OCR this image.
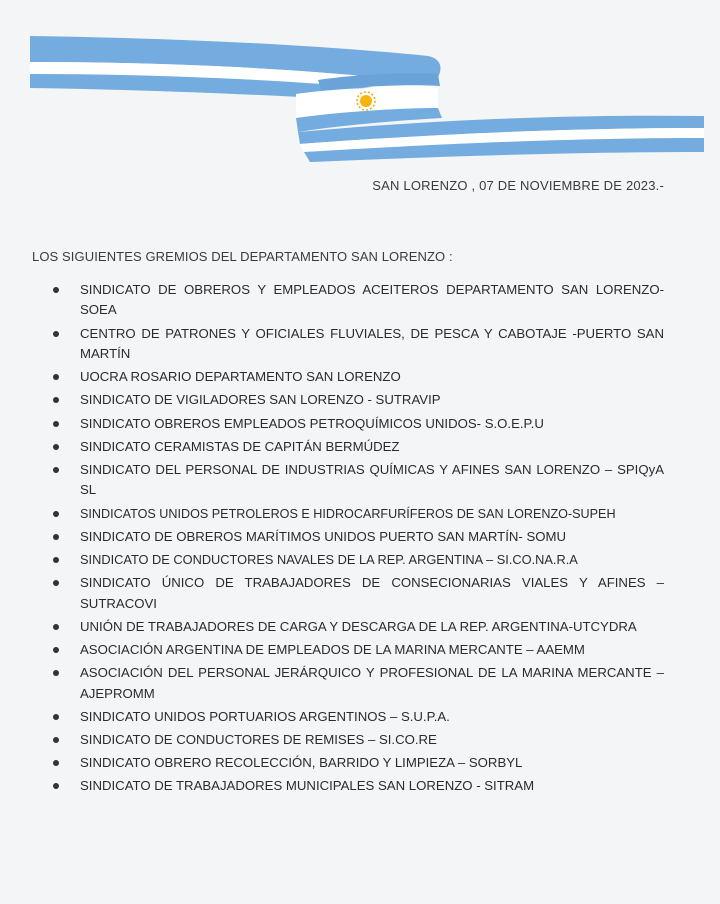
SAN LORENZO , 07 DE NOVIEMBRE DE 2023.-
LOS SIGUIENTES GREMIOS DEL DEPARTAMENTO SAN LORENZO :
SINDICATO DE OBREROS Y EMPLEADOS ACEITEROS DEPARTAMENTO SAN LORENZO-SOEA
CENTRO DE PATRONES Y OFICIALES FLUVIALES, DE PESCA Y CABOTAJE -PUERTO SAN MARTÍN
UOCRA ROSARIO DEPARTAMENTO SAN LORENZO
SINDICATO DE VIGILADORES SAN LORENZO - SUTRAVIP
SINDICATO OBREROS EMPLEADOS PETROQUÍMICOS UNIDOS- S.O.E.P.U
SINDICATO CERAMISTAS DE CAPITÁN BERMÚDEZ
SINDICATO DEL PERSONAL DE INDUSTRIAS QUÍMICAS Y AFINES SAN LORENZO – SPIQyA SL
SINDICATOS UNIDOS PETROLEROS E HIDROCARFURÍFEROS DE SAN LORENZO-SUPEH
SINDICATO DE OBREROS MARÍTIMOS UNIDOS PUERTO SAN MARTÍN- SOMU
SINDICATO DE CONDUCTORES NAVALES DE LA REP. ARGENTINA – SI.CO.NA.R.A
SINDICATO ÚNICO DE TRABAJADORES DE CONSECIONARIAS VIALES Y AFINES – SUTRACOVI
UNIÓN DE TRABAJADORES DE CARGA Y DESCARGA DE LA REP. ARGENTINA-UTCYDRA
ASOCIACIÓN ARGENTINA DE EMPLEADOS DE LA MARINA MERCANTE – AAEMM
ASOCIACIÓN DEL PERSONAL JERÁRQUICO Y PROFESIONAL DE LA MARINA MERCANTE – AJEPROMM
SINDICATO UNIDOS PORTUARIOS ARGENTINOS – S.U.P.A.
SINDICATO DE CONDUCTORES DE REMISES – SI.CO.RE
SINDICATO OBRERO RECOLECCIÓN, BARRIDO Y LIMPIEZA – SORBYL
SINDICATO DE TRABAJADORES MUNICIPALES SAN LORENZO - SITRAM
